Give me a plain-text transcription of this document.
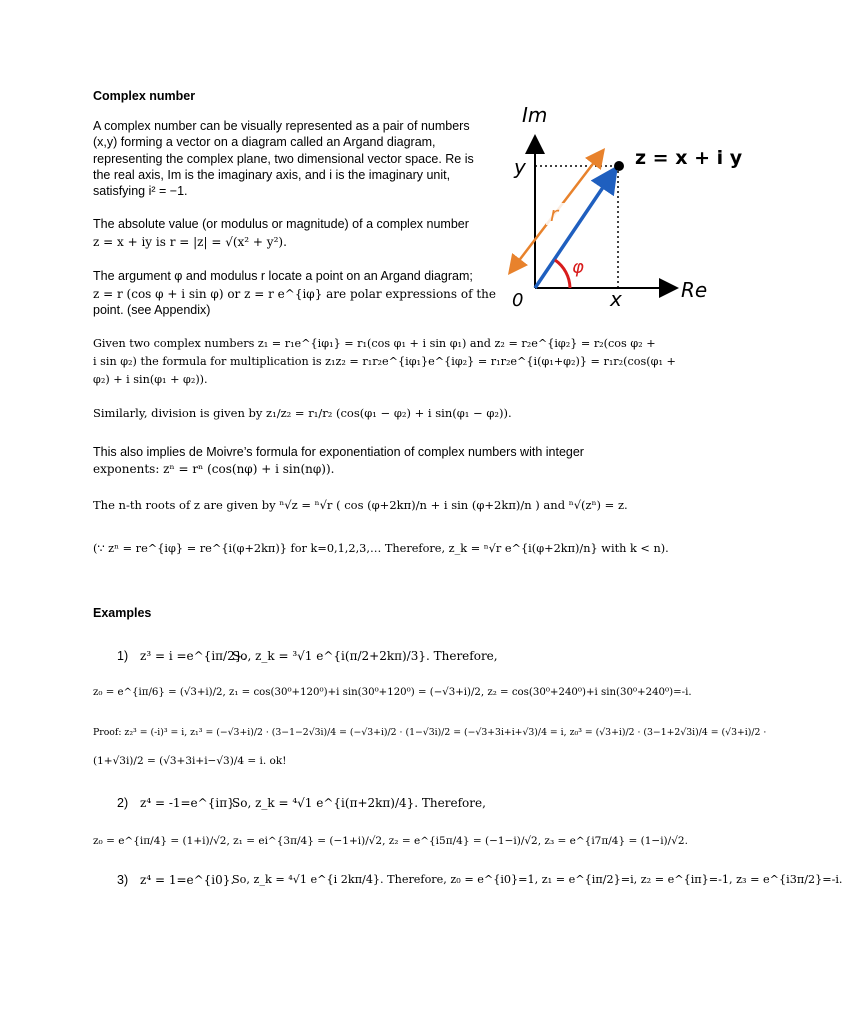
Complex number
A complex number can be visually represented as a pair of numbers
(x,y) forming a vector on a diagram called an Argand diagram,
representing the complex plane, two dimensional vector space. Re is
the real axis, Im is the imaginary axis, and i is the imaginary unit,
satisfying i² = −1.
The absolute value (or modulus or magnitude) of a complex number
z = x + iy is r = |z| = √(x² + y²).
The argument φ and modulus r locate a point on an Argand diagram;
z = r (cos φ + i sin φ) or z = r e^{iφ} are polar expressions of the
point. (see Appendix)
Given two complex numbers z₁ = r₁e^{iφ₁} = r₁(cos φ₁ + i sin φ₁) and z₂ = r₂e^{iφ₂} = r₂(cos φ₂ +
i sin φ₂) the formula for multiplication is z₁z₂ = r₁r₂e^{iφ₁}e^{iφ₂} = r₁r₂e^{i(φ₁+φ₂)} = r₁r₂(cos(φ₁ +
φ₂) + i sin(φ₁ + φ₂)).
Similarly, division is given by z₁/z₂ = r₁/r₂ (cos(φ₁ − φ₂) + i sin(φ₁ − φ₂)).
This also implies de Moivre’s formula for exponentiation of complex numbers with integer
exponents: zⁿ = rⁿ (cos(nφ) + i sin(nφ)).
The n-th roots of z are given by ⁿ√z = ⁿ√r ( cos (φ+2kπ)/n + i sin (φ+2kπ)/n ) and ⁿ√(zⁿ) = z.
(∵ zⁿ = re^{iφ} = re^{i(φ+2kπ)} for k=0,1,2,3,… Therefore, z_k = ⁿ√r e^{i(φ+2kπ)/n} with k < n).
Examples
1) z³ = i =e^{iπ/2}.
So, z_k = ³√1 e^{i(π/2+2kπ)/3}. Therefore,
z₀ = e^{iπ/6} = (√3+i)/2, z₁ = cos(30⁰+120⁰)+i sin(30⁰+120⁰) = (−√3+i)/2, z₂ = cos(30⁰+240⁰)+i sin(30⁰+240⁰)=-i.
Proof: z₂³ = (-i)³ = i, z₁³ = (−√3+i)/2 · (3−1−2√3i)/4 = (−√3+i)/2 · (1−√3i)/2 = (−√3+3i+i+√3)/4 = i, z₀³ = (√3+i)/2 · (3−1+2√3i)/4 = (√3+i)/2 ·
(1+√3i)/2 = (√3+3i+i−√3)/4 = i. ok!
2) z⁴ = -1=e^{iπ}.
So, z_k = ⁴√1 e^{i(π+2kπ)/4}. Therefore,
z₀ = e^{iπ/4} = (1+i)/√2, z₁ = ei^{3π/4} = (−1+i)/√2, z₂ = e^{i5π/4} = (−1−i)/√2, z₃ = e^{i7π/4} = (1−i)/√2.
3) z⁴ = 1=e^{i0}.
So, z_k = ⁴√1 e^{i 2kπ/4}. Therefore, z₀ = e^{i0}=1, z₁ = e^{iπ/2}=i, z₂ = e^{iπ}=-1, z₃ = e^{i3π/2}=-i.
Im
Re
y
x
0
r
φ
z = x + i y
